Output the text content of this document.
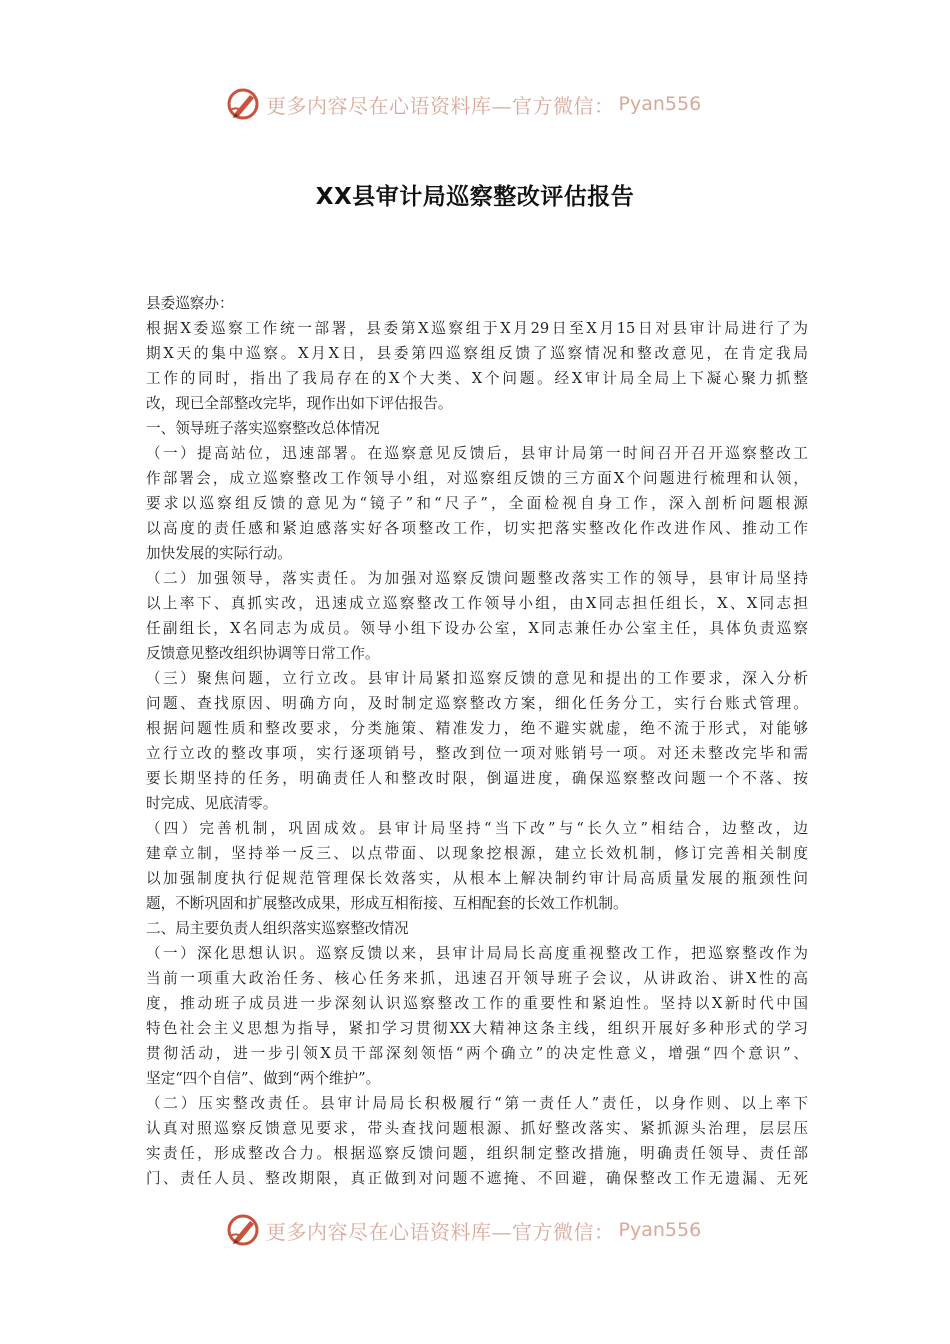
更多内容尽在心语资料库—官方微信： Pyan556
XX县审计局巡察整改评估报告

县委巡察办：

根据X委巡察工作统一部署，县委第X巡察组于X月29日至X月15日对县审计局进行了为

期X天的集中巡察。X月X日，县委第四巡察组反馈了巡察情况和整改意见，在肯定我局

工作的同时，指出了我局存在的X个大类、X个问题。经X审计局全局上下凝心聚力抓整

改，现已全部整改完毕，现作出如下评估报告。

一、领导班子落实巡察整改总体情况

（一）提高站位，迅速部署。在巡察意见反馈后，县审计局第一时间召开召开巡察整改工

作部署会，成立巡察整改工作领导小组，对巡察组反馈的三方面X个问题进行梳理和认领，

要求以巡察组反馈的意见为“镜子”和“尺子”，全面检视自身工作，深入剖析问题根源

以高度的责任感和紧迫感落实好各项整改工作，切实把落实整改化作改进作风、推动工作

加快发展的实际行动。

（二）加强领导，落实责任。为加强对巡察反馈问题整改落实工作的领导，县审计局坚持

以上率下、真抓实改，迅速成立巡察整改工作领导小组，由X同志担任组长，X、X同志担

任副组长，X名同志为成员。领导小组下设办公室，X同志兼任办公室主任，具体负责巡察

反馈意见整改组织协调等日常工作。

（三）聚焦问题，立行立改。县审计局紧扣巡察反馈的意见和提出的工作要求，深入分析

问题、查找原因、明确方向，及时制定巡察整改方案，细化任务分工，实行台账式管理。

根据问题性质和整改要求，分类施策、精准发力，绝不避实就虚，绝不流于形式，对能够

立行立改的整改事项，实行逐项销号，整改到位一项对账销号一项。对还未整改完毕和需

要长期坚持的任务，明确责任人和整改时限，倒逼进度，确保巡察整改问题一个不落、按

时完成、见底清零。

（四）完善机制，巩固成效。县审计局坚持“当下改”与“长久立”相结合，边整改，边

建章立制，坚持举一反三、以点带面、以现象挖根源，建立长效机制，修订完善相关制度

以加强制度执行促规范管理保长效落实，从根本上解决制约审计局高质量发展的瓶颈性问

题，不断巩固和扩展整改成果，形成互相衔接、互相配套的长效工作机制。

二、局主要负责人组织落实巡察整改情况

（一）深化思想认识。巡察反馈以来，县审计局局长高度重视整改工作，把巡察整改作为

当前一项重大政治任务、核心任务来抓，迅速召开领导班子会议，从讲政治、讲X性的高

度，推动班子成员进一步深刻认识巡察整改工作的重要性和紧迫性。坚持以X新时代中国

特色社会主义思想为指导，紧扣学习贯彻XX大精神这条主线，组织开展好多种形式的学习

贯彻活动，进一步引领X员干部深刻领悟“两个确立”的决定性意义，增强“四个意识”、

坚定“四个自信”、做到“两个维护”。

（二）压实整改责任。县审计局局长积极履行“第一责任人”责任，以身作则、以上率下

认真对照巡察反馈意见要求，带头查找问题根源、抓好整改落实、紧抓源头治理，层层压

实责任，形成整改合力。根据巡察反馈问题，组织制定整改措施，明确责任领导、责任部

门、责任人员、整改期限，真正做到对问题不遮掩、不回避，确保整改工作无遗漏、无死

更多内容尽在心语资料库—官方微信： Pyan556
